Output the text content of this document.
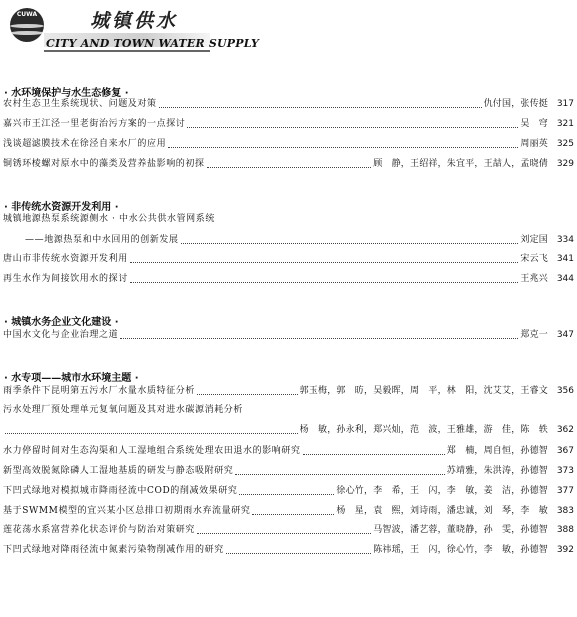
CUWA	城镇供水
CITY AND TOWN WATER SUPPLY
· 水环境保护与水生态修复 ·
农村生态卫生系统现状、问题及对策	仇付国，张传挺 317
嘉兴市王江泾一里老街治污方案的一点探讨	吴　穹 321
浅谈超滤膜技术在徐泾自来水厂的应用	周丽英 325
铜锈环棱螺对原水中的藻类及营养盐影响的初探	顾　静，王绍祥，朱宜平，王喆人，孟晓倩 329
· 非传统水资源开发利用 ·
城镇地源热泵系统源侧水 · 中水公共供水管网系统
——地源热泵和中水回用的创新发展	刘定国 334
唐山市非传统水资源开发利用	宋云飞 341
再生水作为间接饮用水的探讨	王兆兴 344
· 城镇水务企业文化建设 ·
中国水文化与企业治理之道	郑克一 347
· 水专项——城市水环境主题 ·
雨季条件下昆明第五污水厂水量水质特征分析	郭玉梅，郭　昉，吴毅晖，周　平，林　阳，沈艾艾，王睿文 356
污水处理厂预处理单元复氧问题及其对进水碳源消耗分析
杨　敏，孙永利，郑兴灿，范　波，王雅雄，游　佳，陈　轶 362
水力停留时间对生态沟渠和人工湿地组合系统处理农田退水的影响研究	郑　楠，周自恒，孙德智 367
新型高效脱氮除磷人工湿地基质的研发与静态吸附研究	苏靖雅，朱洪涛，孙德智 373
下凹式绿地对模拟城市降雨径流中COD的削减效果研究	徐心竹，李　希，王　闪，李　敏，姜　洁，孙德智 377
基于SWMM模型的宜兴某小区总排口初期雨水弃流量研究	杨　星，袁　熙，刘诗雨，潘忠诚，刘　琴，李　敏 383
莲花荡水系富营养化状态评价与防治对策研究	马智波，潘艺蓉，董晓静，孙　雯，孙德智 388
下凹式绿地对降雨径流中氮素污染物削减作用的研究	陈祎瑶，王　闪，徐心竹，李　敏，孙德智 392
